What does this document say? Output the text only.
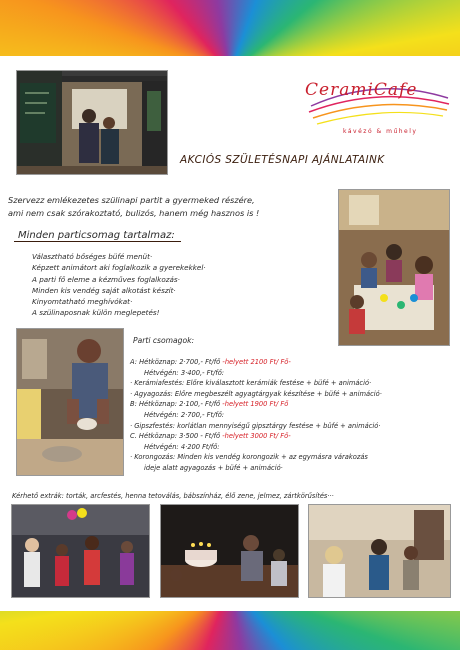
CeramiCafe
kávézó & műhely
AKCIÓS SZÜLETÉSNAPI AJÁNLATAINK

Szervezz emlékezetes szülinapi partit a gyermeked részére,

ami nem csak szórakoztató, bulizós, hanem még hasznos is !

Minden particsomag tartalmaz:
Választható bőséges büfé menüt·
Képzett animátort aki foglalkozik a gyerekekkel·
A parti fő eleme a kézműves foglalkozás·
Minden kis vendég saját alkotást készít·
Kinyomtatható meghívókat·
A szülinaposnak külön meglepetés!
Parti csomagok:
A: Hétköznap: 2·700,- Ft/fő -helyett 2100 Ft/ Fő-
Hétvégén: 3·400,- Ft/fő:
· Kerámiafestés: Előre kiválasztott kerámiák festése + büfé + animáció·
· Agyagozás: Előre megbeszélt agyagtárgyak készítése + büfé + animáció·
B: Hétköznap: 2·100,- Ft/fő -helyett 1900 Ft/ Fő
Hétvégén: 2·700,- Ft/fő:
· Gipszfestés: korlátlan mennyiségű gipsztárgy festése + büfé + animáció·
C. Hétköznap: 3·500 - Ft/fő -helyett 3000 Ft/ Fő-
Hétvégén: 4·200 Ft/fő:
· Korongozás: Minden kis vendég korongozik + az egymásra várakozás
ideje alatt agyagozás + büfé + animáció·
Kérhető extrák: torták, arcfestés, henna tetoválás, bábszínház, élő zene, jelmez, zártkörűsítés···
